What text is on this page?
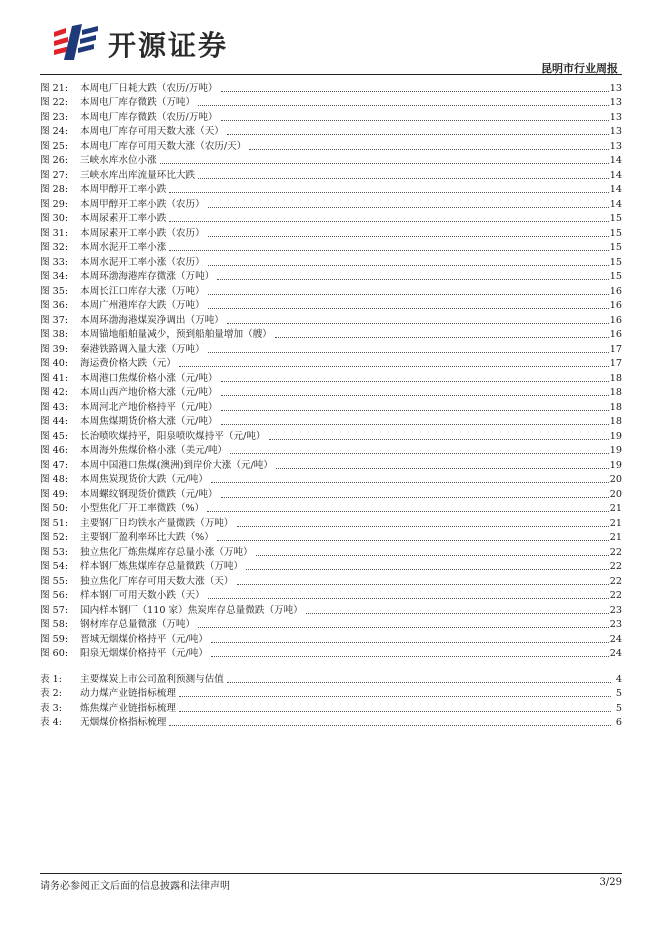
开源证券
昆明市行业周报
图 21:	本周电厂日耗大跌（农历/万吨）	13
图 22:	本周电厂库存微跌（万吨）	13
图 23:	本周电厂库存微跌（农历/万吨）	13
图 24:	本周电厂库存可用天数大涨（天）	13
图 25:	本周电厂库存可用天数大涨（农历/天）	13
图 26:	三峡水库水位小涨	14
图 27:	三峡水库出库流量环比大跌	14
图 28:	本周甲醇开工率小跌	14
图 29:	本周甲醇开工率小跌（农历）	14
图 30:	本周尿素开工率小跌	15
图 31:	本周尿素开工率小跌（农历）	15
图 32:	本周水泥开工率小涨	15
图 33:	本周水泥开工率小涨（农历）	15
图 34:	本周环渤海港库存微涨（万吨）	15
图 35:	本周长江口库存大涨（万吨）	16
图 36:	本周广州港库存大跌（万吨）	16
图 37:	本周环渤海港煤炭净调出（万吨）	16
图 38:	本周锚地船舶量减少，预到船舶量增加（艘）	16
图 39:	秦港铁路调入量大涨（万吨）	17
图 40:	海运费价格大跌（元）	17
图 41:	本周港口焦煤价格小涨（元/吨）	18
图 42:	本周山西产地价格大涨（元/吨）	18
图 43:	本周河北产地价格持平（元/吨）	18
图 44:	本周焦煤期货价格大涨（元/吨）	18
图 45:	长治喷吹煤持平，阳泉喷吹煤持平（元/吨）	19
图 46:	本周海外焦煤价格小涨（美元/吨）	19
图 47:	本周中国港口焦煤(澳洲)到岸价大涨（元/吨）	19
图 48:	本周焦炭现货价大跌（元/吨）	20
图 49:	本周螺纹钢现货价微跌（元/吨）	20
图 50:	小型焦化厂开工率微跌（%）	21
图 51:	主要钢厂日均铁水产量微跌（万吨）	21
图 52:	主要钢厂盈利率环比大跌（%）	21
图 53:	独立焦化厂炼焦煤库存总量小涨（万吨）	22
图 54:	样本钢厂炼焦煤库存总量微跌（万吨）	22
图 55:	独立焦化厂库存可用天数大涨（天）	22
图 56:	样本钢厂可用天数小跌（天）	22
图 57:	国内样本钢厂（110 家）焦炭库存总量微跌（万吨）	23
图 58:	钢材库存总量微涨（万吨）	23
图 59:	晋城无烟煤价格持平（元/吨）	24
图 60:	阳泉无烟煤价格持平（元/吨）	24
表 1:	主要煤炭上市公司盈利预测与估值	4
表 2:	动力煤产业链指标梳理	5
表 3:	炼焦煤产业链指标梳理	5
表 4:	无烟煤价格指标梳理	6
请务必参阅正文后面的信息披露和法律声明	3/29
